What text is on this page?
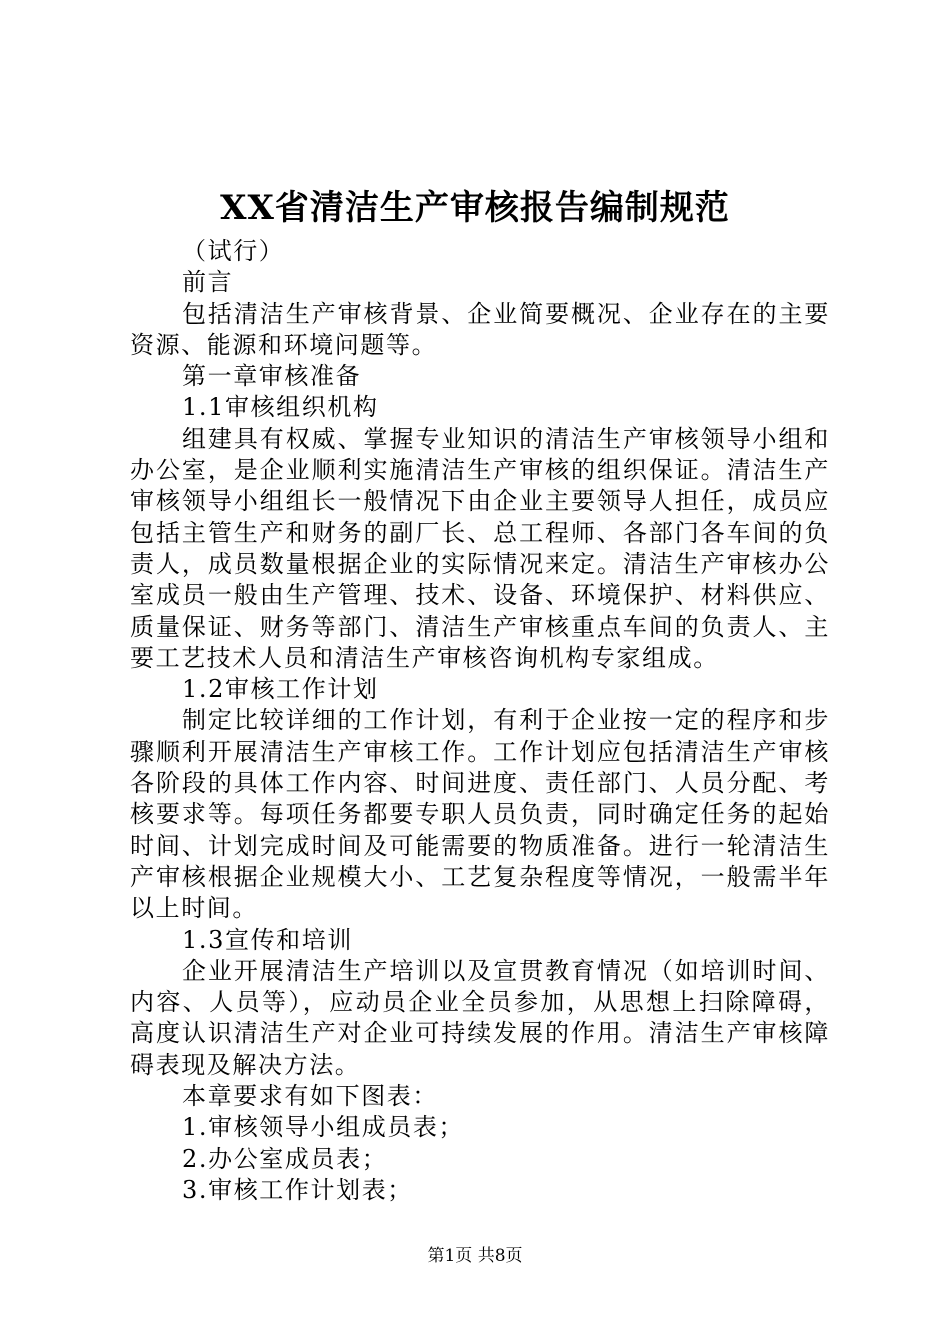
XX省清洁生产审核报告编制规范

（试行）

前言

包括清洁生产审核背景、企业简要概况、企业存在的主要资源、能源和环境问题等。

第一章审核准备

1.1审核组织机构

组建具有权威、掌握专业知识的清洁生产审核领导小组和办公室，是企业顺利实施清洁生产审核的组织保证。清洁生产审核领导小组组长一般情况下由企业主要领导人担任，成员应包括主管生产和财务的副厂长、总工程师、各部门各车间的负责人，成员数量根据企业的实际情况来定。清洁生产审核办公室成员一般由生产管理、技术、设备、环境保护、材料供应、质量保证、财务等部门、清洁生产审核重点车间的负责人、主要工艺技术人员和清洁生产审核咨询机构专家组成。

1.2审核工作计划

制定比较详细的工作计划，有利于企业按一定的程序和步骤顺利开展清洁生产审核工作。工作计划应包括清洁生产审核各阶段的具体工作内容、时间进度、责任部门、人员分配、考核要求等。每项任务都要专职人员负责，同时确定任务的起始时间、计划完成时间及可能需要的物质准备。进行一轮清洁生产审核根据企业规模大小、工艺复杂程度等情况，一般需半年以上时间。

1.3宣传和培训

企业开展清洁生产培训以及宣贯教育情况（如培训时间、内容、人员等），应动员企业全员参加，从思想上扫除障碍，高度认识清洁生产对企业可持续发展的作用。清洁生产审核障碍表现及解决方法。

本章要求有如下图表：

1.审核领导小组成员表；

2.办公室成员表；

3.审核工作计划表；

第1页 共8页
